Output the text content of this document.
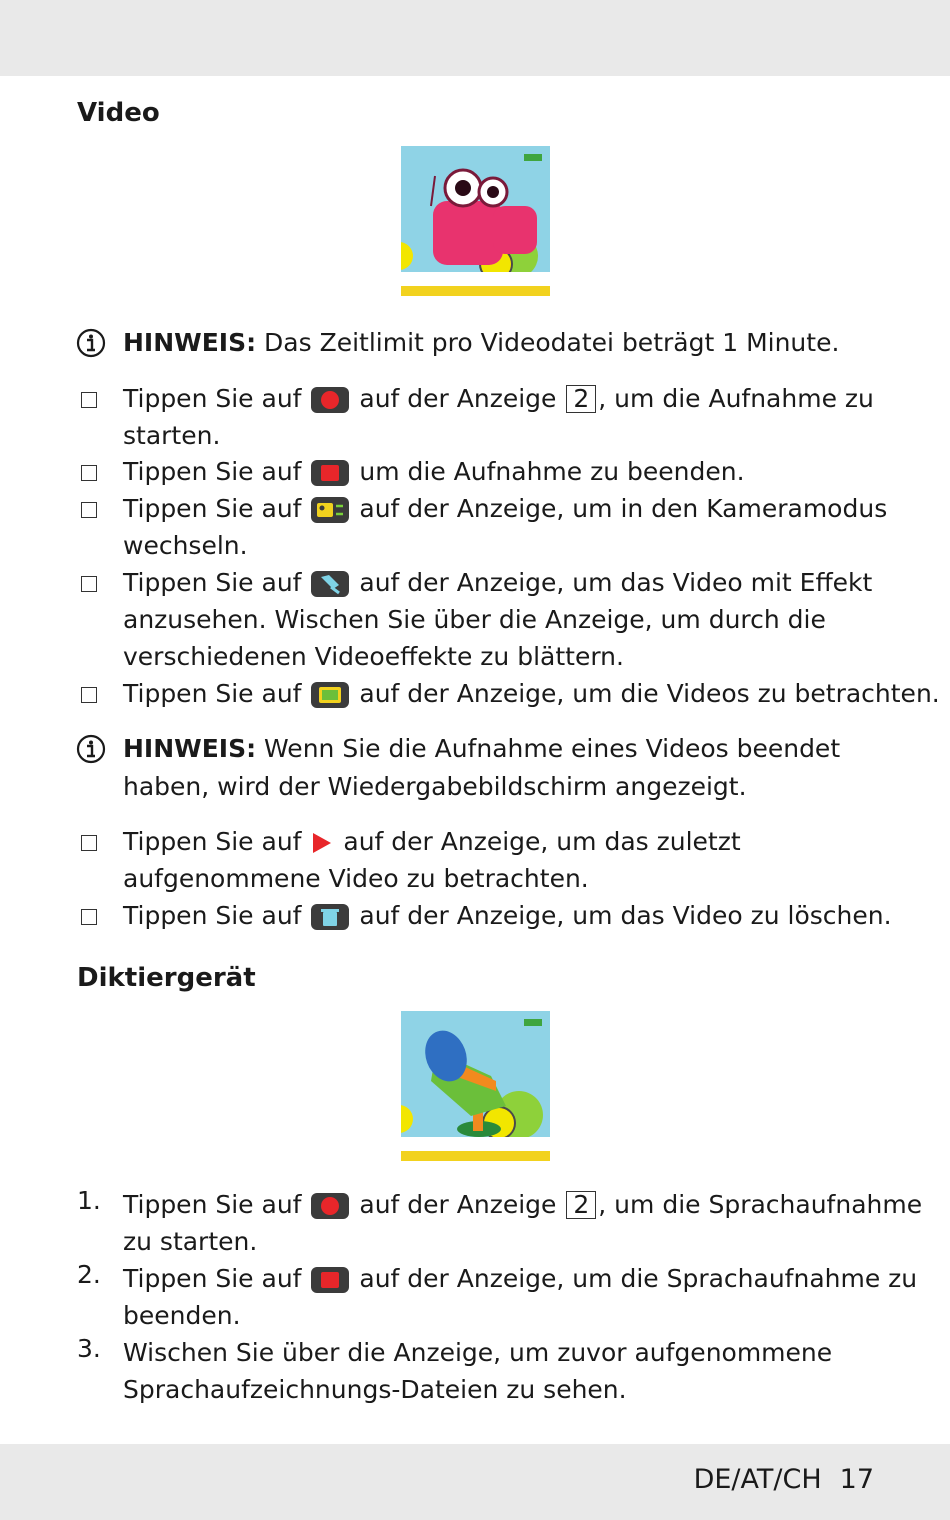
Video
HINWEIS: Das Zeitlimit pro Videodatei beträgt 1 Minute.
Tippen Sie auf auf der Anzeige 2 , um die Aufnahme zu
starten.
Tippen Sie auf um die Aufnahme zu beenden.
Tippen Sie auf auf der Anzeige, um in den Kameramodus
wechseln.
Tippen Sie auf auf der Anzeige, um das Video mit Effekt
anzusehen. Wischen Sie über die Anzeige, um durch die
verschiedenen Videoeffekte zu blättern.
Tippen Sie auf auf der Anzeige, um die Videos zu betrachten.
HINWEIS: Wenn Sie die Aufnahme eines Videos beendet
haben, wird der Wiedergabebildschirm angezeigt.
Tippen Sie auf auf der Anzeige, um das zuletzt
aufgenommene Video zu betrachten.
Tippen Sie auf auf der Anzeige, um das Video zu löschen.
Diktiergerät
1. Tippen Sie auf auf der Anzeige 2 , um die Sprachaufnahme
zu starten.
2. Tippen Sie auf auf der Anzeige, um die Sprachaufnahme zu
beenden.
3. Wischen Sie über die Anzeige, um zuvor aufgenommene
Sprachaufzeichnungs-Dateien zu sehen.
DE/AT/CH 17
